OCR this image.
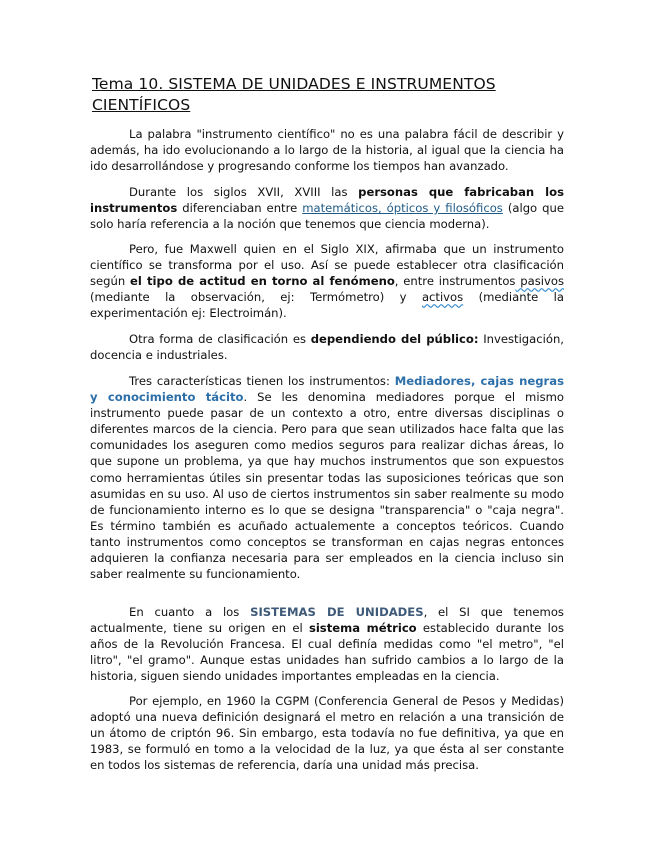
Tema 10. SISTEMA DE UNIDADES E INSTRUMENTOS
CIENTÍFICOS

La palabra "instrumento científico" no es una palabra fácil de describir y además, ha ido evolucionando a lo largo de la historia, al igual que la ciencia ha ido desarrollándose y progresando conforme los tiempos han avanzado.

Durante los siglos XVII, XVIII las personas que fabricaban los instrumentos diferenciaban entre matemáticos, ópticos y filosóficos (algo que solo haría referencia a la noción que tenemos que ciencia moderna).

Pero, fue Maxwell quien en el Siglo XIX, afirmaba que un instrumento científico se transforma por el uso. Así se puede establecer otra clasificación según el tipo de actitud en torno al fenómeno, entre instrumentos pasivos (mediante la observación, ej: Termómetro) y activos (mediante la experimentación ej: Electroimán).

Otra forma de clasificación es dependiendo del público: Investigación, docencia e industriales.

Tres características tienen los instrumentos: Mediadores, cajas negras y conocimiento tácito. Se les denomina mediadores porque el mismo instrumento puede pasar de un contexto a otro, entre diversas disciplinas o diferentes marcos de la ciencia. Pero para que sean utilizados hace falta que las comunidades los aseguren como medios seguros para realizar dichas áreas, lo que supone un problema, ya que hay muchos instrumentos que son expuestos como herramientas útiles sin presentar todas las suposiciones teóricas que son asumidas en su uso. Al uso de ciertos instrumentos sin saber realmente su modo de funcionamiento interno es lo que se designa "transparencia" o "caja negra". Es término también es acuñado actualemente a conceptos teóricos. Cuando tanto instrumentos como conceptos se transforman en cajas negras entonces adquieren la confianza necesaria para ser empleados en la ciencia incluso sin saber realmente su funcionamiento.

En cuanto a los SISTEMAS DE UNIDADES, el SI que tenemos actualmente, tiene su origen en el sistema métrico establecido durante los años de la Revolución Francesa. El cual definía medidas como "el metro", "el litro", "el gramo". Aunque estas unidades han sufrido cambios a lo largo de la historia, siguen siendo unidades importantes empleadas en la ciencia.

Por ejemplo, en 1960 la CGPM (Conferencia General de Pesos y Medidas) adoptó una nueva definición designará el metro en relación a una transición de un átomo de criptón 96. Sin embargo, esta todavía no fue definitiva, ya que en 1983, se formuló en tomo a la velocidad de la luz, ya que ésta al ser constante en todos los sistemas de referencia, daría una unidad más precisa.
